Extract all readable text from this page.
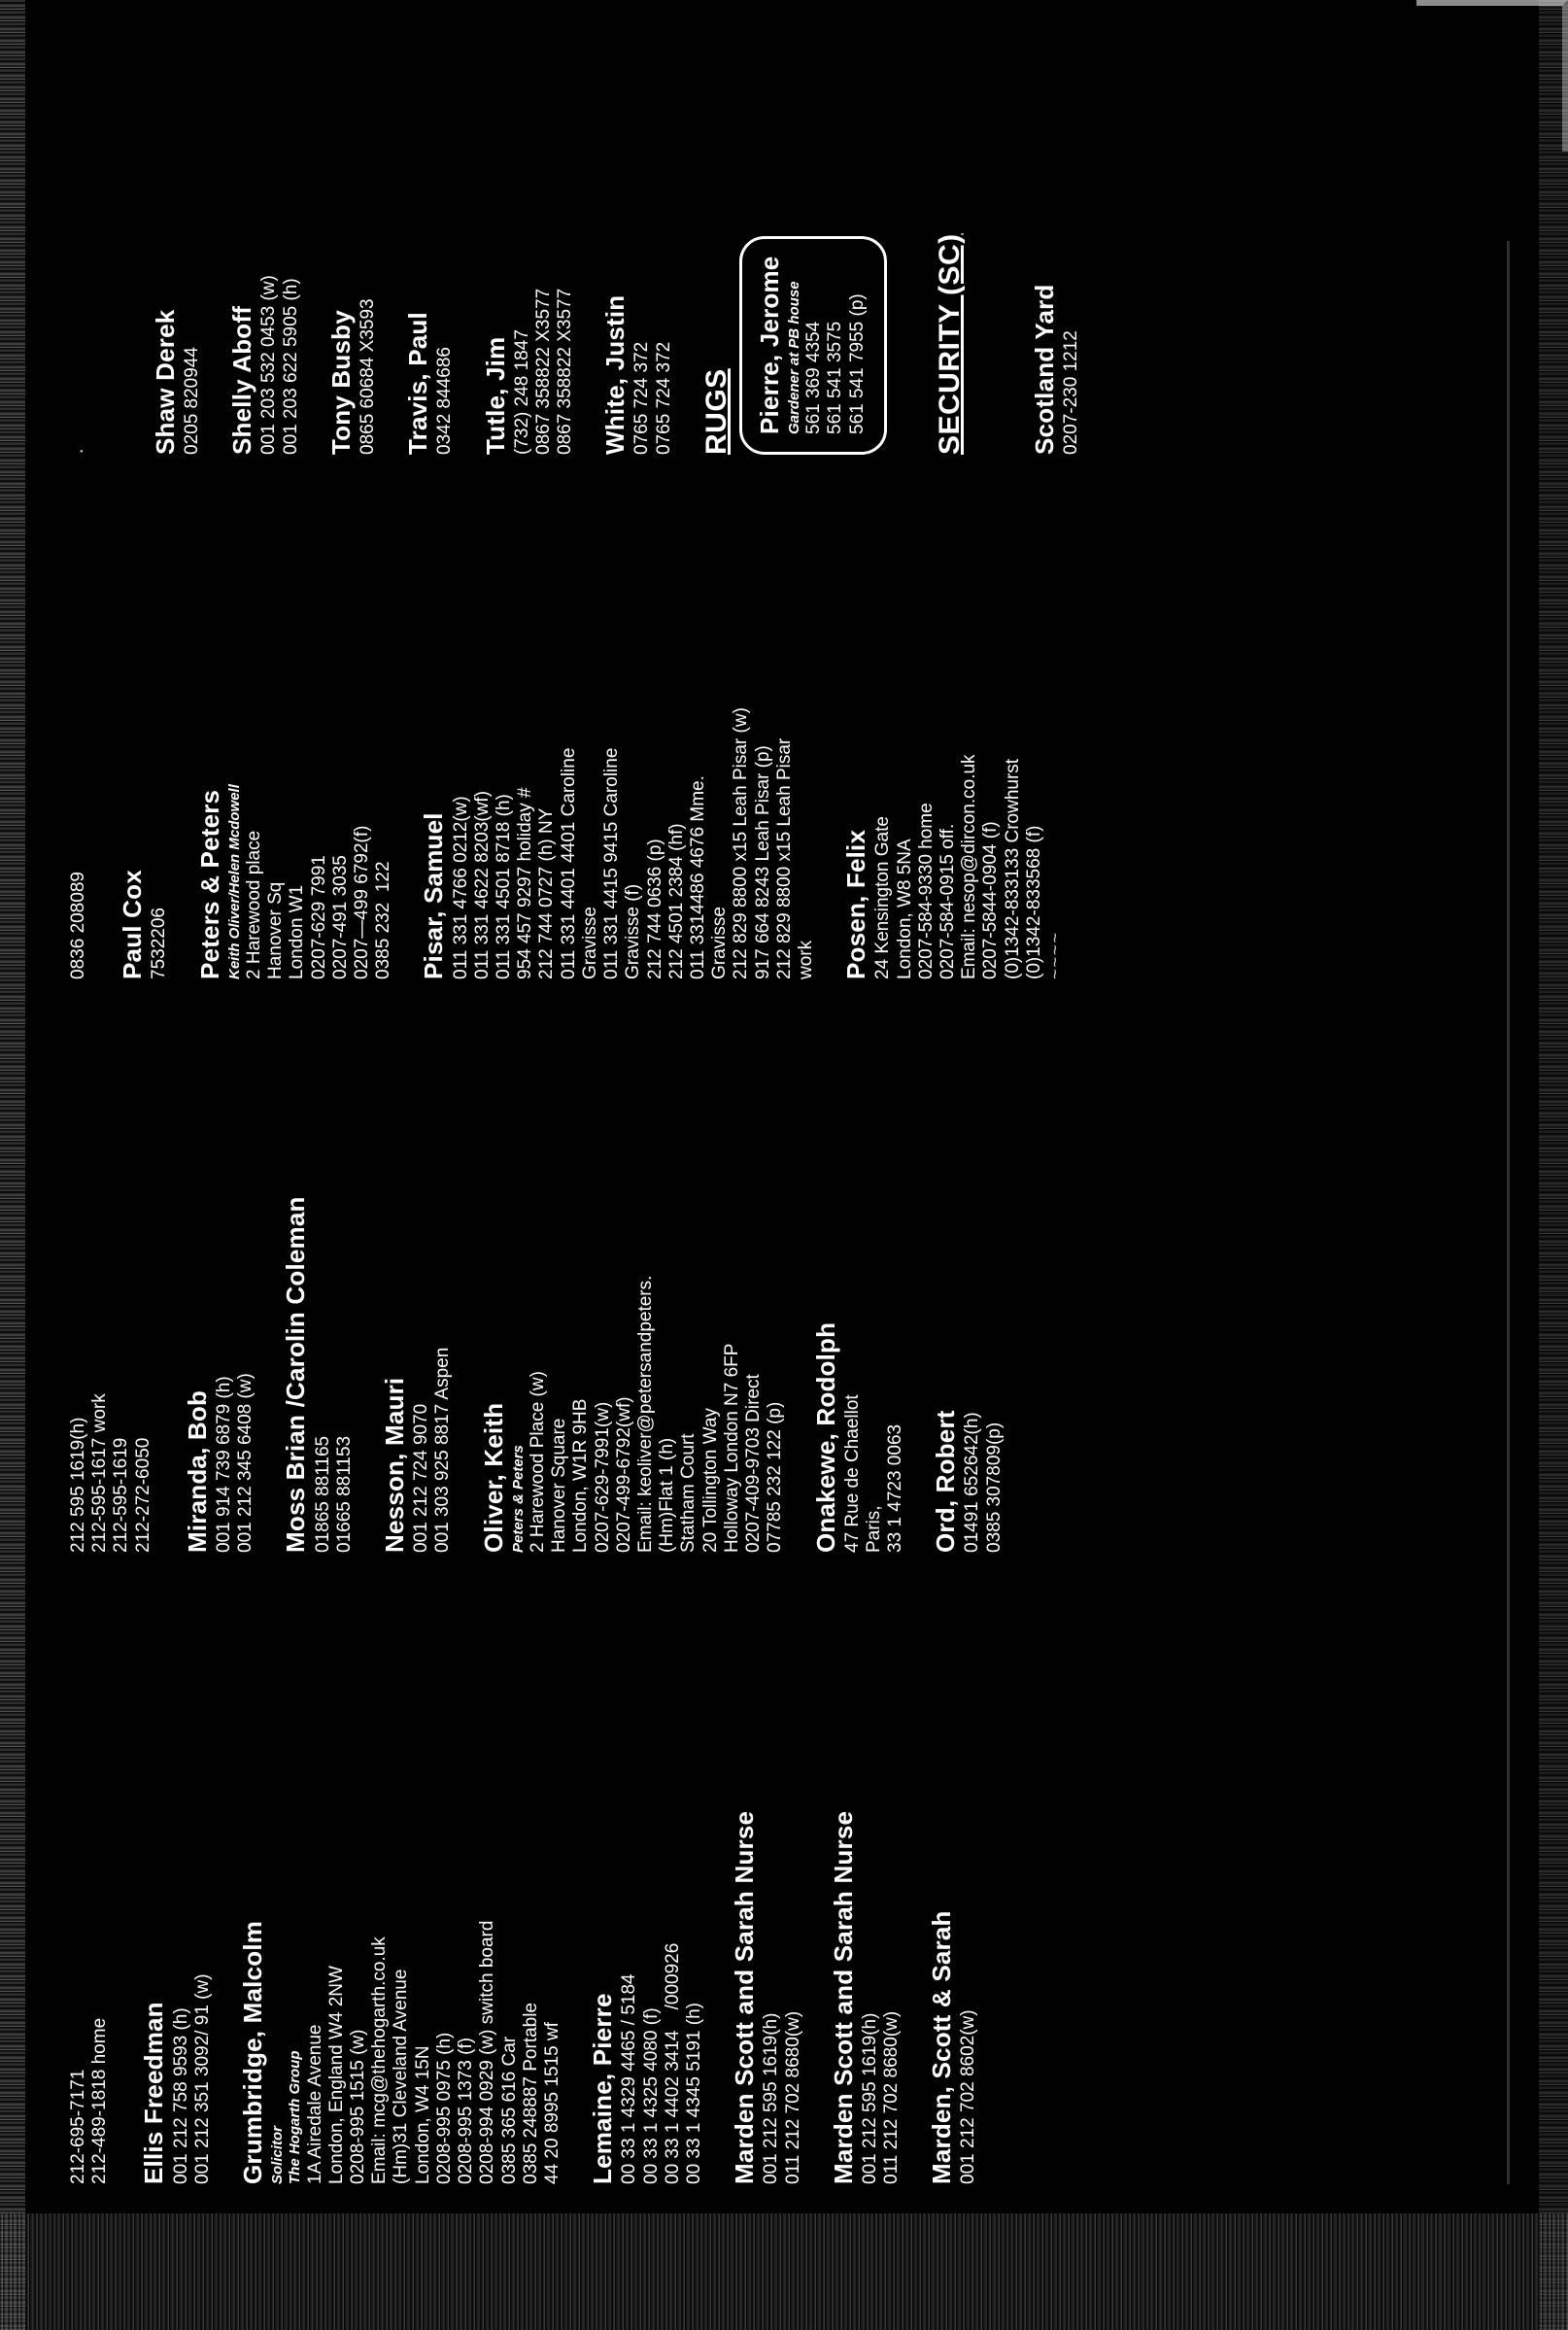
212-695-7171 212-489-1818 home Ellis Freedman 001 212 758 9593 (h) 001 212 351 3092/ 91 (w) Grumbridge, Malcolm Solicitor The Hogarth Group 1A Airedale Avenue London, England W4 2NW 0208-995 1515 (w) Email: mcg@thehogarth.co.uk (Hm)31 Cleveland Avenue London, W4 15N 0208-995 0975 (h) 0208-995 1373 (f) 0208-994 0929 (w) switch board 0385 365 616 Car 0385 248887 Portable 44 20 8995 1515 wf Lemaine, Pierre 00 33 1 4329 4465 / 5184 00 33 1 4325 4080 (f) 00 33 1 4402 3414    /000926 00 33 1 4345 5191 (h) Marden Scott and Sarah Nurse 001 212 595 1619(h) 011 212 702 8680(w) Marden Scott and Sarah Nurse 001 212 595 1619(h) 011 212 702 8680(w) Marden, Scott & Sarah 001 212 702 8602(w)
212 595 1619(h) 212-595-1617 work 212-595-1619 212-272-6050 Miranda, Bob 001 914 739 6879 (h) 001 212 345 6408 (w) Moss Brian /Carolin Coleman 01865 881165 01665 881153 Nesson, Mauri 001 212 724 9070 001 303 925 8817 Aspen Oliver, Keith Peters & Peters 2 Harewood Place (w) Hanover Square London, W1R 9HB 0207-629-7991(w) 0207-499-6792(wf) Email: keoliver@petersandpeters. (Hm)Flat 1 (h) Statham Court 20 Tollington Way Holloway London N7 6FP 0207-409-9703 Direct 07785 232 122 (p) Onakewe, Rodolph 47 Rue de Chaellot Paris, 33 1 4723 0063 Ord, Robert 01491 652642(h) 0385 307809(p)
0836 208089 Paul Cox 7532206 Peters & Peters Keith Oliver/Helen Mcdowell 2 Harewood place Hanover Sq London W1 0207-629 7991 0207-491 3035 0207—499 6792(f) 0385 232  122 Pisar, Samuel 011 331 4766 0212(w) 011 331 4622 8203(wf) 011 331 4501 8718 (h) 954 457 9297 holiday # 212 744 0727 (h) NY 011 331 4401 4401 Caroline Gravisse 011 331 4415 9415 Caroline Gravisse (f) 212 744 0636 (p) 212 4501 2384 (hf) 011 3314486 4676 Mme. Gravisse 212 829 8800 x15 Leah Pisar (w) 917 664 8243 Leah Pisar (p) 212 829 8800 x15 Leah Pisar work Posen, Felix 24 Kensington Gate London, W8 5NA 0207-584-9330 home 0207-584-0915 off. Email: nesop@dircon.co.uk 0207-5844-0904 (f) (0)1342-833133 Crowhurst (0)1342-833568 (f) ~~~~
· Shaw Derek 0205 820944 Shelly Aboff 001 203 532 0453 (w) 001 203 622 5905 (h) Tony Busby 0865 60684 X3593 Travis, Paul 0342 844686 Tutle, Jim (732) 248 1847 0867 358822 X3577 0867 358822 X3577 White, Justin 0765 724 372 0765 724 372 RUGS Pierre, Jerome Gardener at PB house 561 369 4354 561 541 3575 561 541 7955 (p) SECURITY (SC)	Scotland Yard 0207-230 1212
